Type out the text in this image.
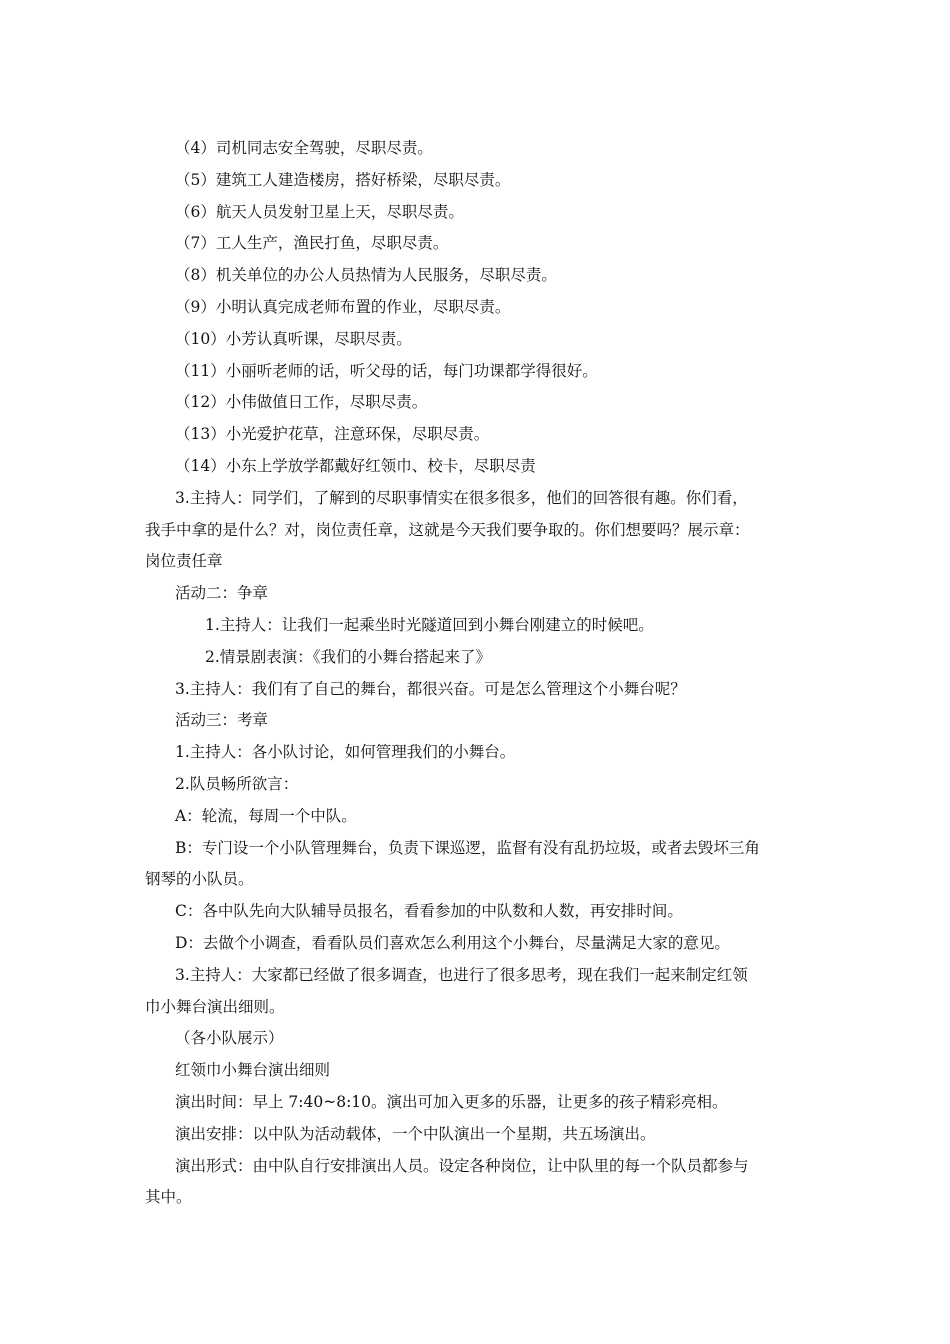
（4）司机同志安全驾驶，尽职尽责。

（5）建筑工人建造楼房，搭好桥梁，尽职尽责。

（6）航天人员发射卫星上天，尽职尽责。

（7）工人生产，渔民打鱼，尽职尽责。

（8）机关单位的办公人员热情为人民服务，尽职尽责。

（9）小明认真完成老师布置的作业，尽职尽责。

（10）小芳认真听课，尽职尽责。

（11）小丽听老师的话，听父母的话，每门功课都学得很好。

（12）小伟做值日工作，尽职尽责。

（13）小光爱护花草，注意环保，尽职尽责。

（14）小东上学放学都戴好红领巾、校卡，尽职尽责

3.主持人：同学们，了解到的尽职事情实在很多很多，他们的回答很有趣。你们看，

我手中拿的是什么？对，岗位责任章，这就是今天我们要争取的。你们想要吗？展示章：

岗位责任章

活动二：争章

1.主持人：让我们一起乘坐时光隧道回到小舞台刚建立的时候吧。

2.情景剧表演：《我们的小舞台搭起来了》

3.主持人：我们有了自己的舞台，都很兴奋。可是怎么管理这个小舞台呢？

活动三：考章

1.主持人：各小队讨论，如何管理我们的小舞台。

2.队员畅所欲言：

A：轮流，每周一个中队。

B：专门设一个小队管理舞台，负责下课巡逻，监督有没有乱扔垃圾，或者去毁坏三角

钢琴的小队员。

C：各中队先向大队辅导员报名，看看参加的中队数和人数，再安排时间。

D：去做个小调查，看看队员们喜欢怎么利用这个小舞台，尽量满足大家的意见。

3.主持人：大家都已经做了很多调查，也进行了很多思考，现在我们一起来制定红领

巾小舞台演出细则。

（各小队展示）

红领巾小舞台演出细则

演出时间：早上 7:40~8:10。演出可加入更多的乐器，让更多的孩子精彩亮相。

演出安排：以中队为活动载体，一个中队演出一个星期，共五场演出。

演出形式：由中队自行安排演出人员。设定各种岗位，让中队里的每一个队员都参与

其中。
